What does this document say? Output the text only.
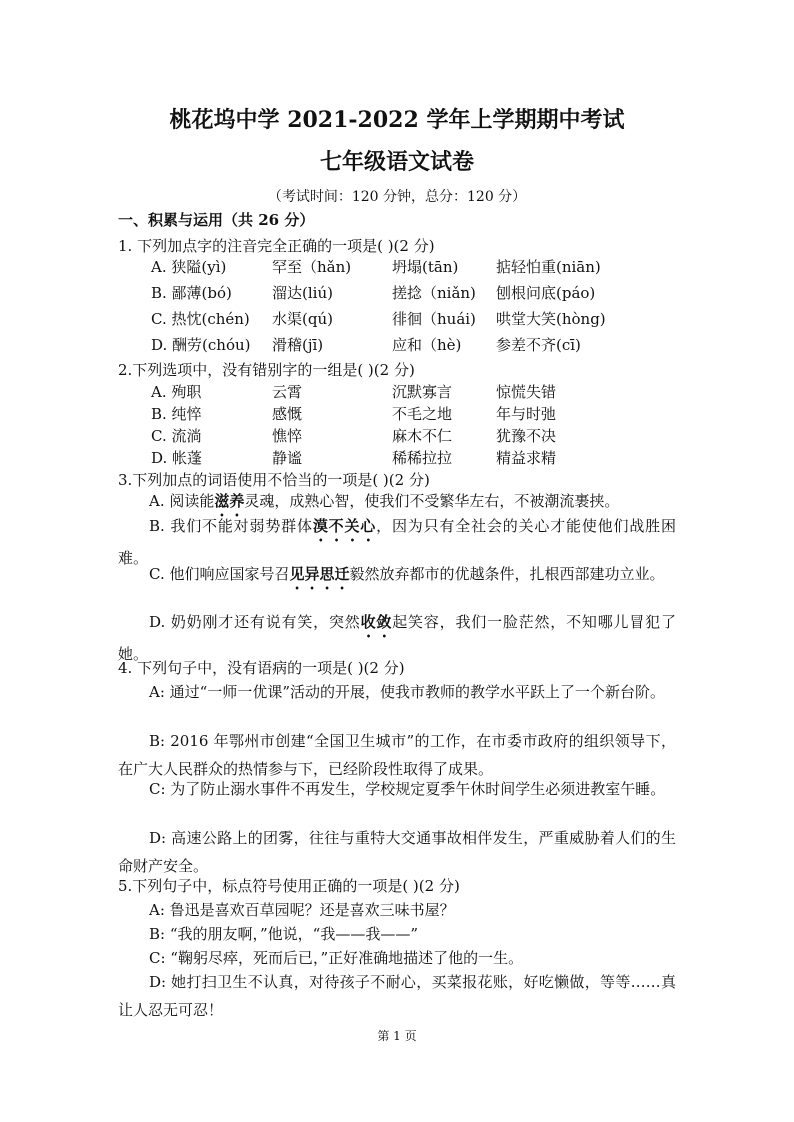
桃花坞中学 2021-2022 学年上学期期中考试
七年级语文试卷
（考试时间：120 分钟，总分：120 分）
一、积累与运用（共 26 分）
1. 下列加点字的注音完全正确的一项是( )(2 分)
A. 狭隘(yì)	罕至（hǎn)	坍塌(tān)	掂轻怕重(niān)
B. 鄙薄(bó)	溜达(liú)	搓捻（niǎn) 刨根问底(páo)
C. 热忱(chén) 水渠(qú)	徘徊（huái) 哄堂大笑(hòng)
D. 酬劳(chóu) 滑稽(jī)	应和（hè) 参差不齐(cī)
2.下列选项中，没有错别字的一组是( )(2 分)
A. 殉职	云霄	沉默寡言	惊慌失错
B. 纯悴	感慨	不毛之地	年与时弛
C. 流淌	憔悴	麻木不仁	犹豫不决
D. 帐蓬	静谧	稀稀拉拉	精益求精
3.下列加点的词语使用不恰当的一项是( )(2 分)
A. 阅读能滋养灵魂，成熟心智，使我们不受繁华左右，不被潮流裹挟。
B. 我们不能对弱势群体漠不关心，因为只有全社会的关心才能使他们战胜困难。
C. 他们响应国家号召见异思迁毅然放弃都市的优越条件，扎根西部建功立业。
D. 奶奶刚才还有说有笑，突然收敛起笑容，我们一脸茫然，不知哪儿冒犯了她。
4. 下列句子中，没有语病的一项是( )(2 分)
A: 通过“一师一优课”活动的开展，使我市教师的教学水平跃上了一个新台阶。
B: 2016 年鄂州市创建“全国卫生城市”的工作，在市委市政府的组织领导下，在广大人民群众的热情参与下，已经阶段性取得了成果。
C: 为了防止溺水事件不再发生，学校规定夏季午休时间学生必须进教室午睡。
D: 高速公路上的团雾，往往与重特大交通事故相伴发生，严重威胁着人们的生命财产安全。
5.下列句子中，标点符号使用正确的一项是( )(2 分)
A: 鲁迅是喜欢百草园呢？还是喜欢三味书屋？
B: “我的朋友啊，”他说，“我——我——”
C: “鞠躬尽瘁，死而后已，”正好准确地描述了他的一生。
D: 她打扫卫生不认真，对待孩子不耐心，买菜报花账，好吃懒做，等等……真让人忍无可忍！
第 1 页
